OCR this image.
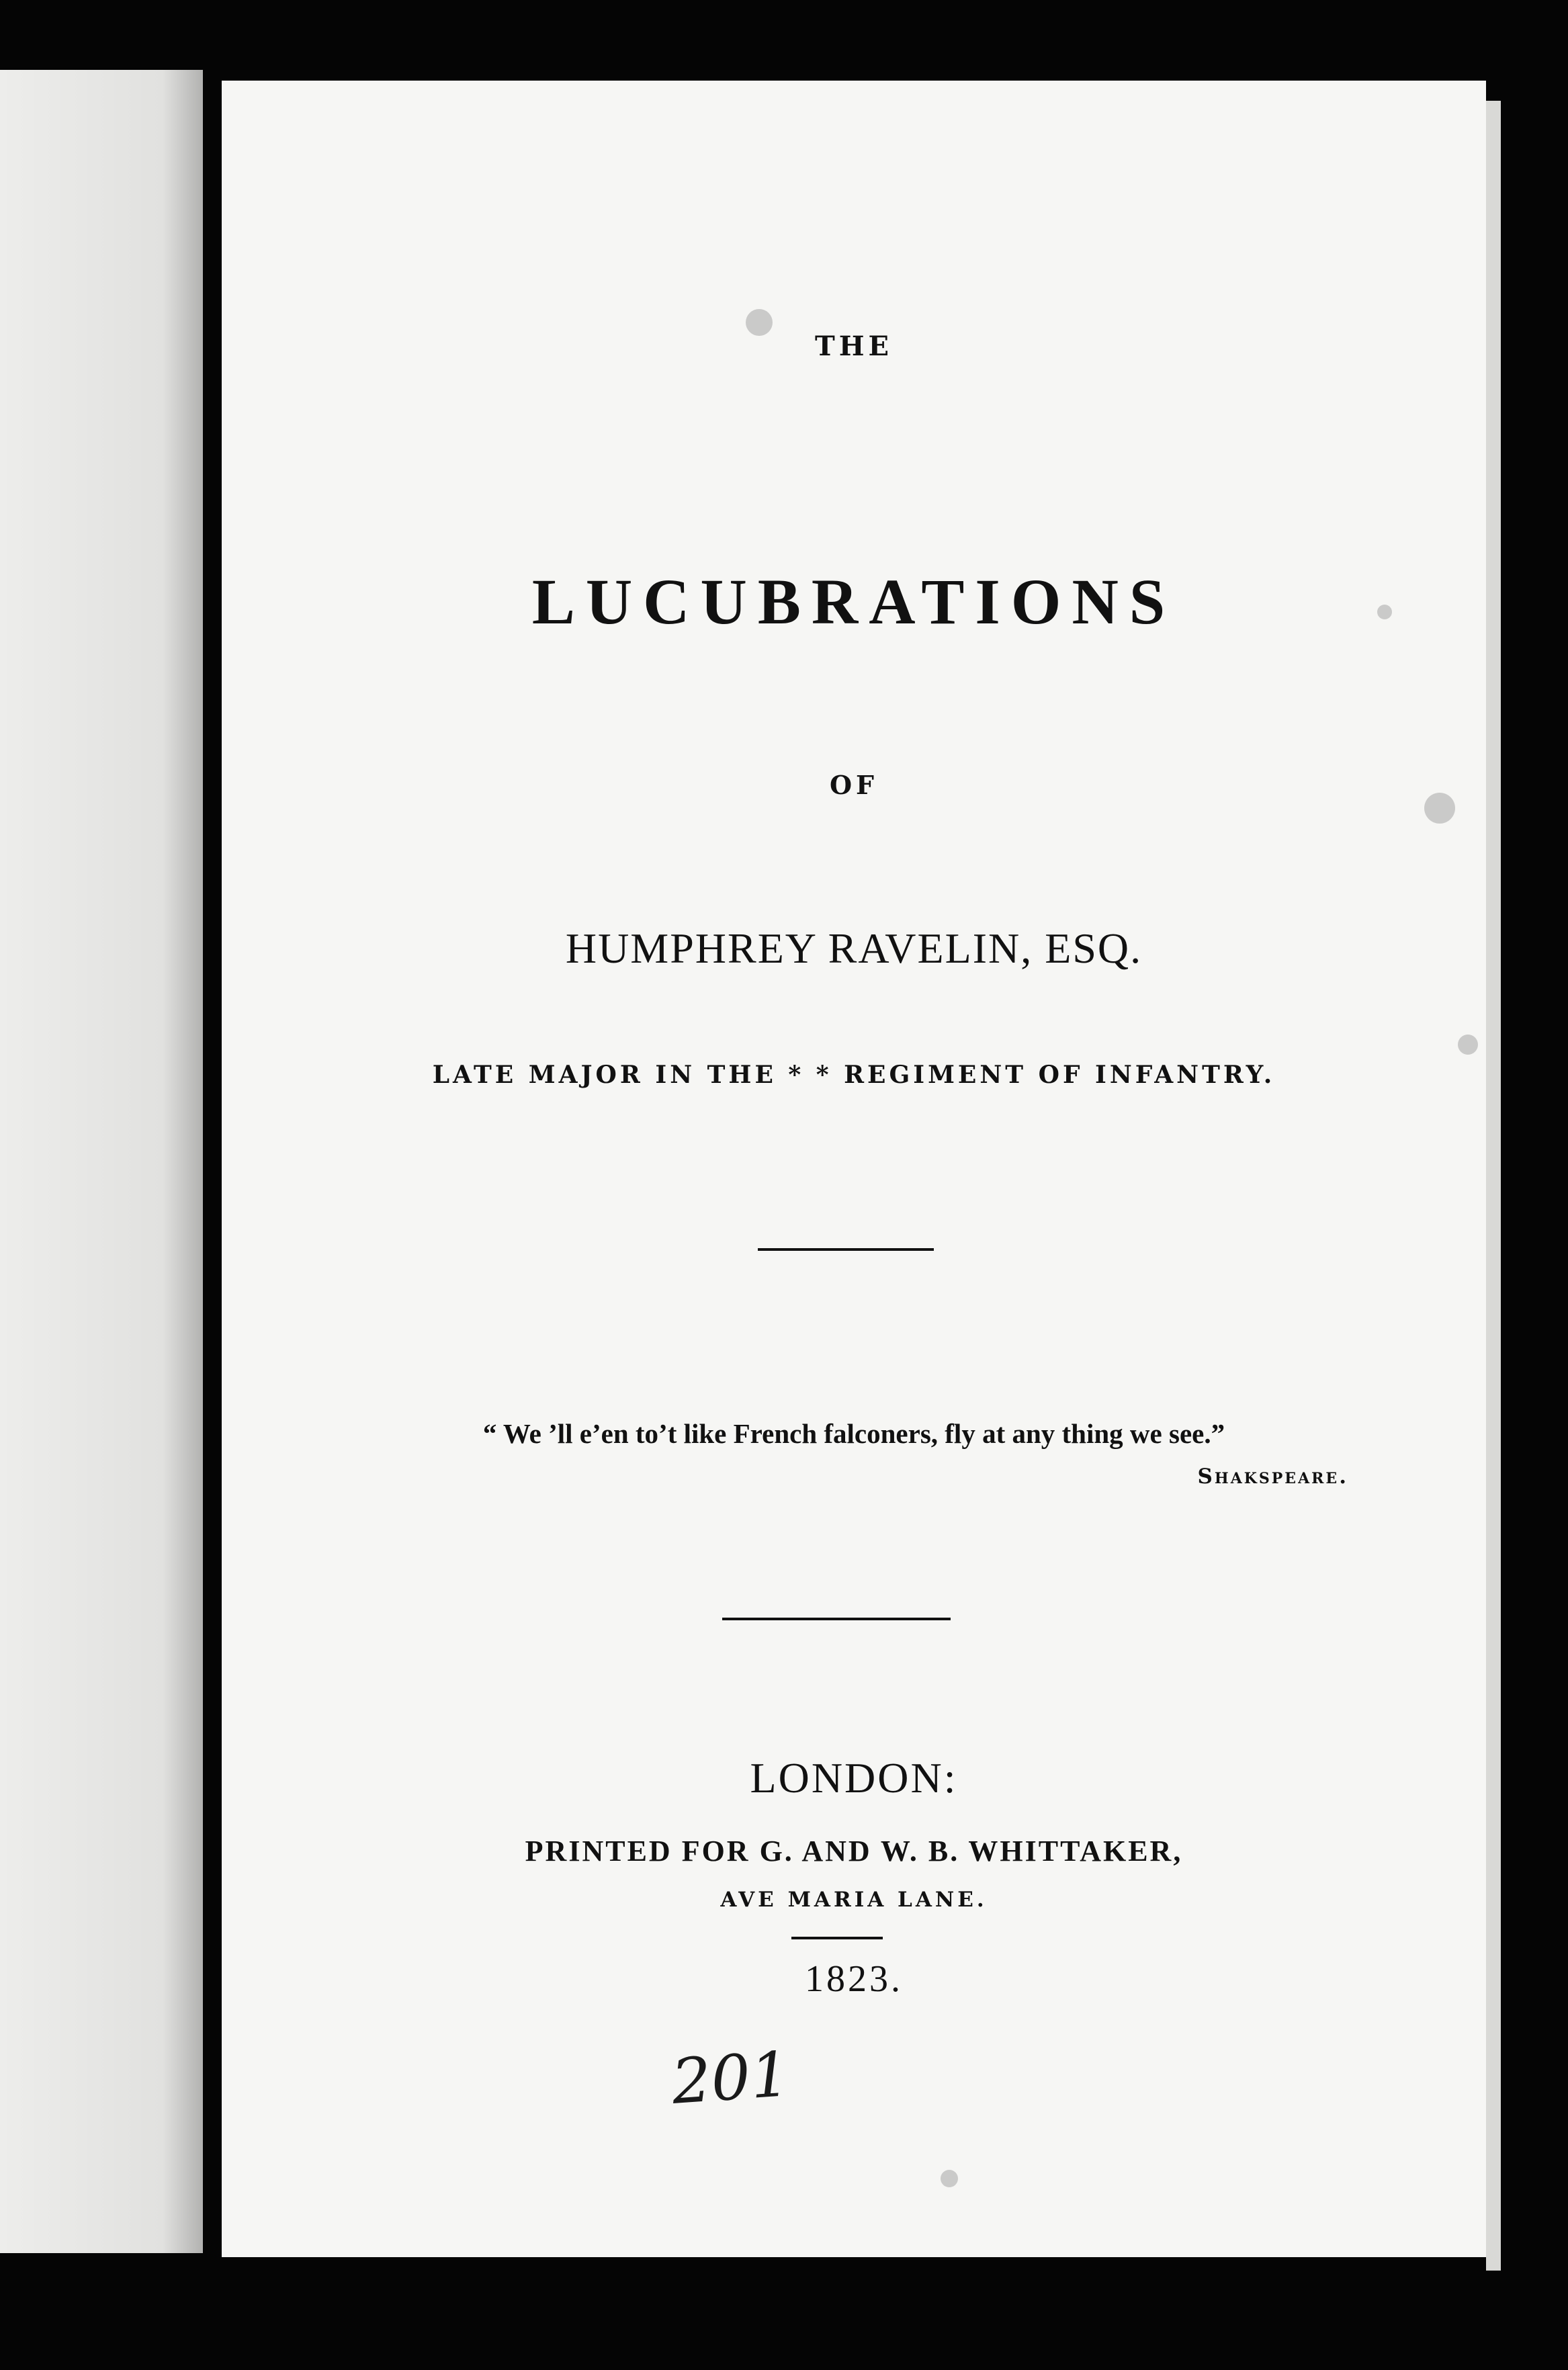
THE
LUCUBRATIONS
OF
HUMPHREY RAVELIN, ESQ.
LATE MAJOR IN THE * * REGIMENT OF INFANTRY.
“ We ’ll e’en to’t like French falconers, fly at any thing we see.”
Shakspeare.
LONDON:
PRINTED FOR G. AND W. B. WHITTAKER,
AVE MARIA LANE.
1823.
201
